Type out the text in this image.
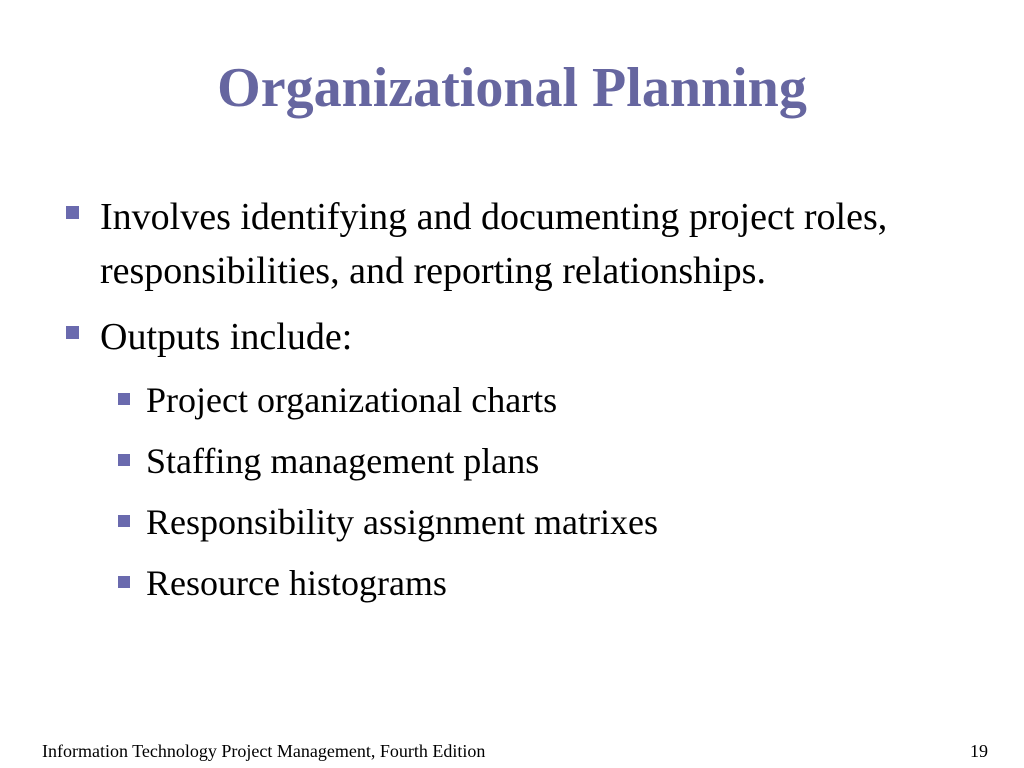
Organizational Planning
Involves identifying and documenting project roles, responsibilities, and reporting relationships.
Outputs include:
Project organizational charts
Staffing management plans
Responsibility assignment matrixes
Resource histograms
Information Technology Project Management, Fourth Edition	19
